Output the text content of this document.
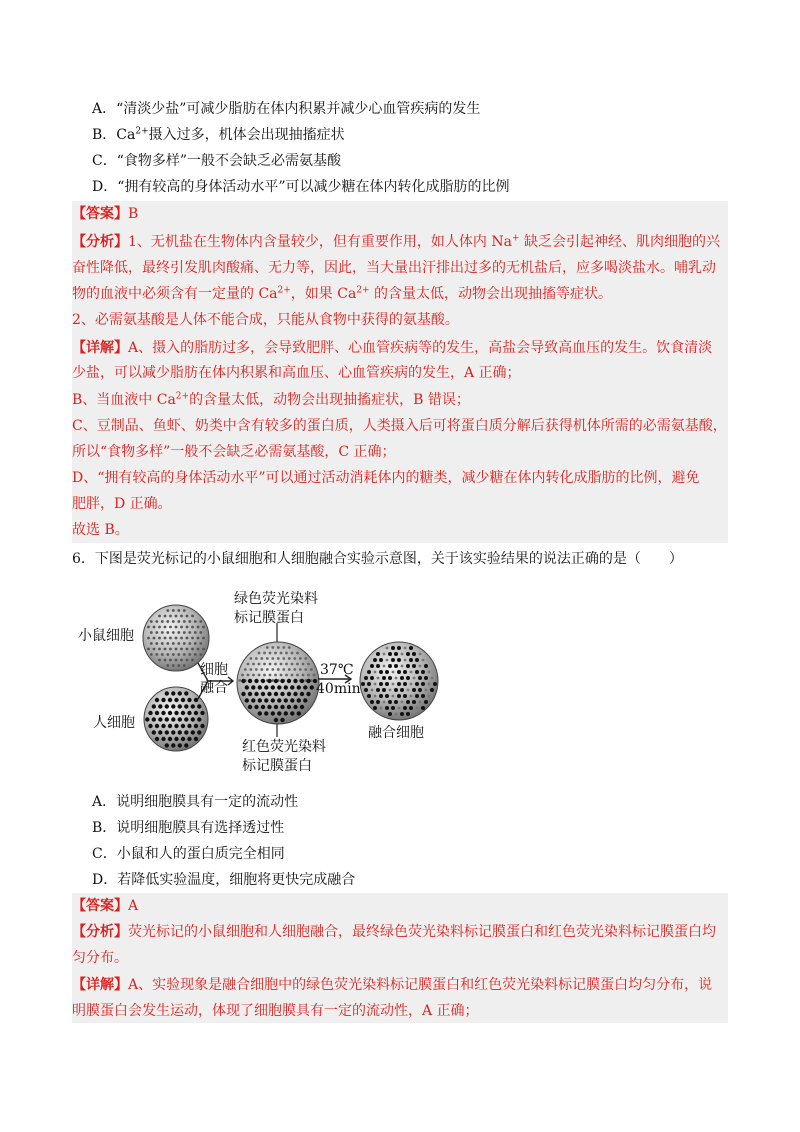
A．“清淡少盐”可减少脂肪在体内积累并减少心血管疾病的发生
B．$Ca^{2+}$摄入过多，机体会出现抽搐症状
C．“食物多样”一般不会缺乏必需氨基酸
D．“拥有较高的身体活动水平”可以减少糖在体内转化成脂肪的比例
【答案】B
【分析】1、无机盐在生物体内含量较少，但有重要作用，如人体内 Na+ 缺乏会引起神经、肌肉细胞的兴
奋性降低，最终引发肌肉酸痛、无力等，因此，当大量出汗排出过多的无机盐后，应多喝淡盐水。哺乳动
物的血液中必须含有一定量的 $Ca^{2+}$，如果 $Ca^{2+}$ 的含量太低，动物会出现抽搐等症状。
2、必需氨基酸是人体不能合成，只能从食物中获得的氨基酸。
【详解】A、摄入的脂肪过多，会导致肥胖、心血管疾病等的发生，高盐会导致高血压的发生。饮食清淡
少盐，可以减少脂肪在体内积累和高血压、心血管疾病的发生，A 正确；
B、当血液中 $Ca^{2+}$的含量太低，动物会出现抽搐症状，B 错误；
C、豆制品、鱼虾、奶类中含有较多的蛋白质，人类摄入后可将蛋白质分解后获得机体所需的必需氨基酸，
所以“食物多样”一般不会缺乏必需氨基酸，C 正确；
D、“拥有较高的身体活动水平”可以通过活动消耗体内的糖类，减少糖在体内转化成脂肪的比例，避免
肥胖，D 正确。
故选 B。
6．下图是荧光标记的小鼠细胞和人细胞融合实验示意图，关于该实验结果的说法正确的是（　　）
小鼠细胞
人细胞
绿色荧光染料
标记膜蛋白
细胞
融合
37℃
40min
红色荧光染料
标记膜蛋白
融合细胞
A．说明细胞膜具有一定的流动性
B．说明细胞膜具有选择透过性
C．小鼠和人的蛋白质完全相同
D．若降低实验温度，细胞将更快完成融合
【答案】A
【分析】荧光标记的小鼠细胞和人细胞融合，最终绿色荧光染料标记膜蛋白和红色荧光染料标记膜蛋白均
匀分布。
【详解】A、实验现象是融合细胞中的绿色荧光染料标记膜蛋白和红色荧光染料标记膜蛋白均匀分布，说
明膜蛋白会发生运动，体现了细胞膜具有一定的流动性，A 正确；
